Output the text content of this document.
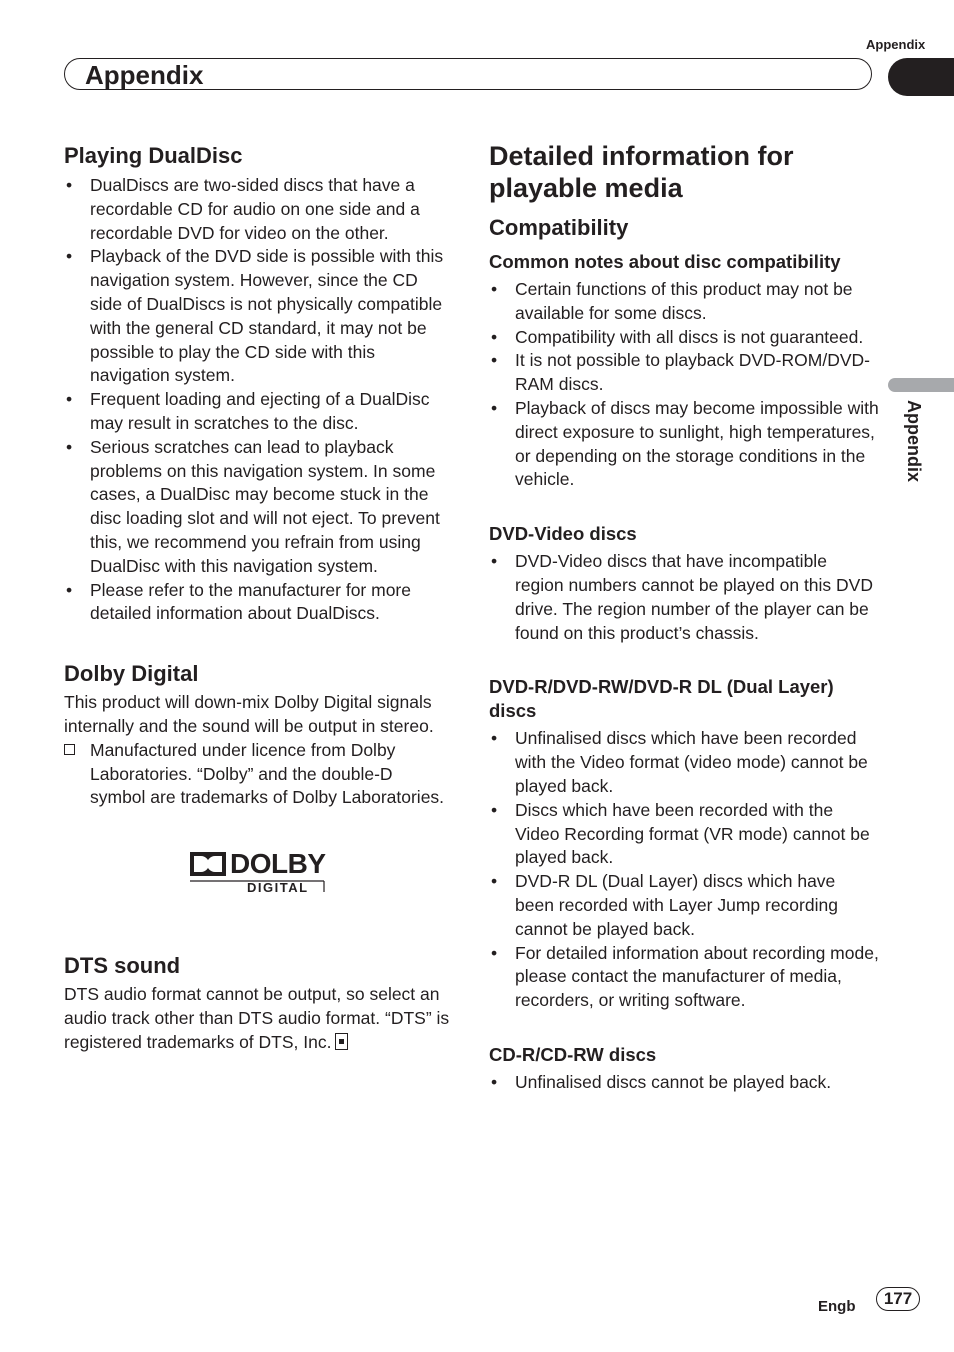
Appendix
Appendix
Appendix
Playing DualDisc
• DualDiscs are two-sided discs that have a recordable CD for audio on one side and a recordable DVD for video on the other.
• Playback of the DVD side is possible with this navigation system. However, since the CD side of DualDiscs is not physically compatible with the general CD standard, it may not be possible to play the CD side with this navigation system.
• Frequent loading and ejecting of a DualDisc may result in scratches to the disc.
• Serious scratches can lead to playback problems on this navigation system. In some cases, a DualDisc may become stuck in the disc loading slot and will not eject. To prevent this, we recommend you refrain from using DualDisc with this navigation system.
• Please refer to the manufacturer for more detailed information about DualDiscs.
Dolby Digital

This product will down-mix Dolby Digital signals internally and the sound will be output in stereo.

Manufactured under licence from Dolby Laboratories. “Dolby” and the double-D symbol are trademarks of Dolby Laboratories.

DOLBY
DIGITAL
DTS sound

DTS audio format cannot be output, so select an audio track other than DTS audio format. “DTS” is registered trademarks of DTS, Inc.

Detailed information for playable media
Compatibility
Common notes about disc compatibility
• Certain functions of this product may not be available for some discs.
• Compatibility with all discs is not guaranteed.
• It is not possible to playback DVD-ROM/DVD-RAM discs.
• Playback of discs may become impossible with direct exposure to sunlight, high temperatures, or depending on the storage conditions in the vehicle.
DVD-Video discs
• DVD-Video discs that have incompatible region numbers cannot be played on this DVD drive. The region number of the player can be found on this product’s chassis.
DVD-R/DVD-RW/DVD-R DL (Dual Layer) discs
• Unfinalised discs which have been recorded with the Video format (video mode) cannot be played back.
• Discs which have been recorded with the Video Recording format (VR mode) cannot be played back.
• DVD-R DL (Dual Layer) discs which have been recorded with Layer Jump recording cannot be played back.
• For detailed information about recording mode, please contact the manufacturer of media, recorders, or writing software.
CD-R/CD-RW discs
• Unfinalised discs cannot be played back.
Engb	177
